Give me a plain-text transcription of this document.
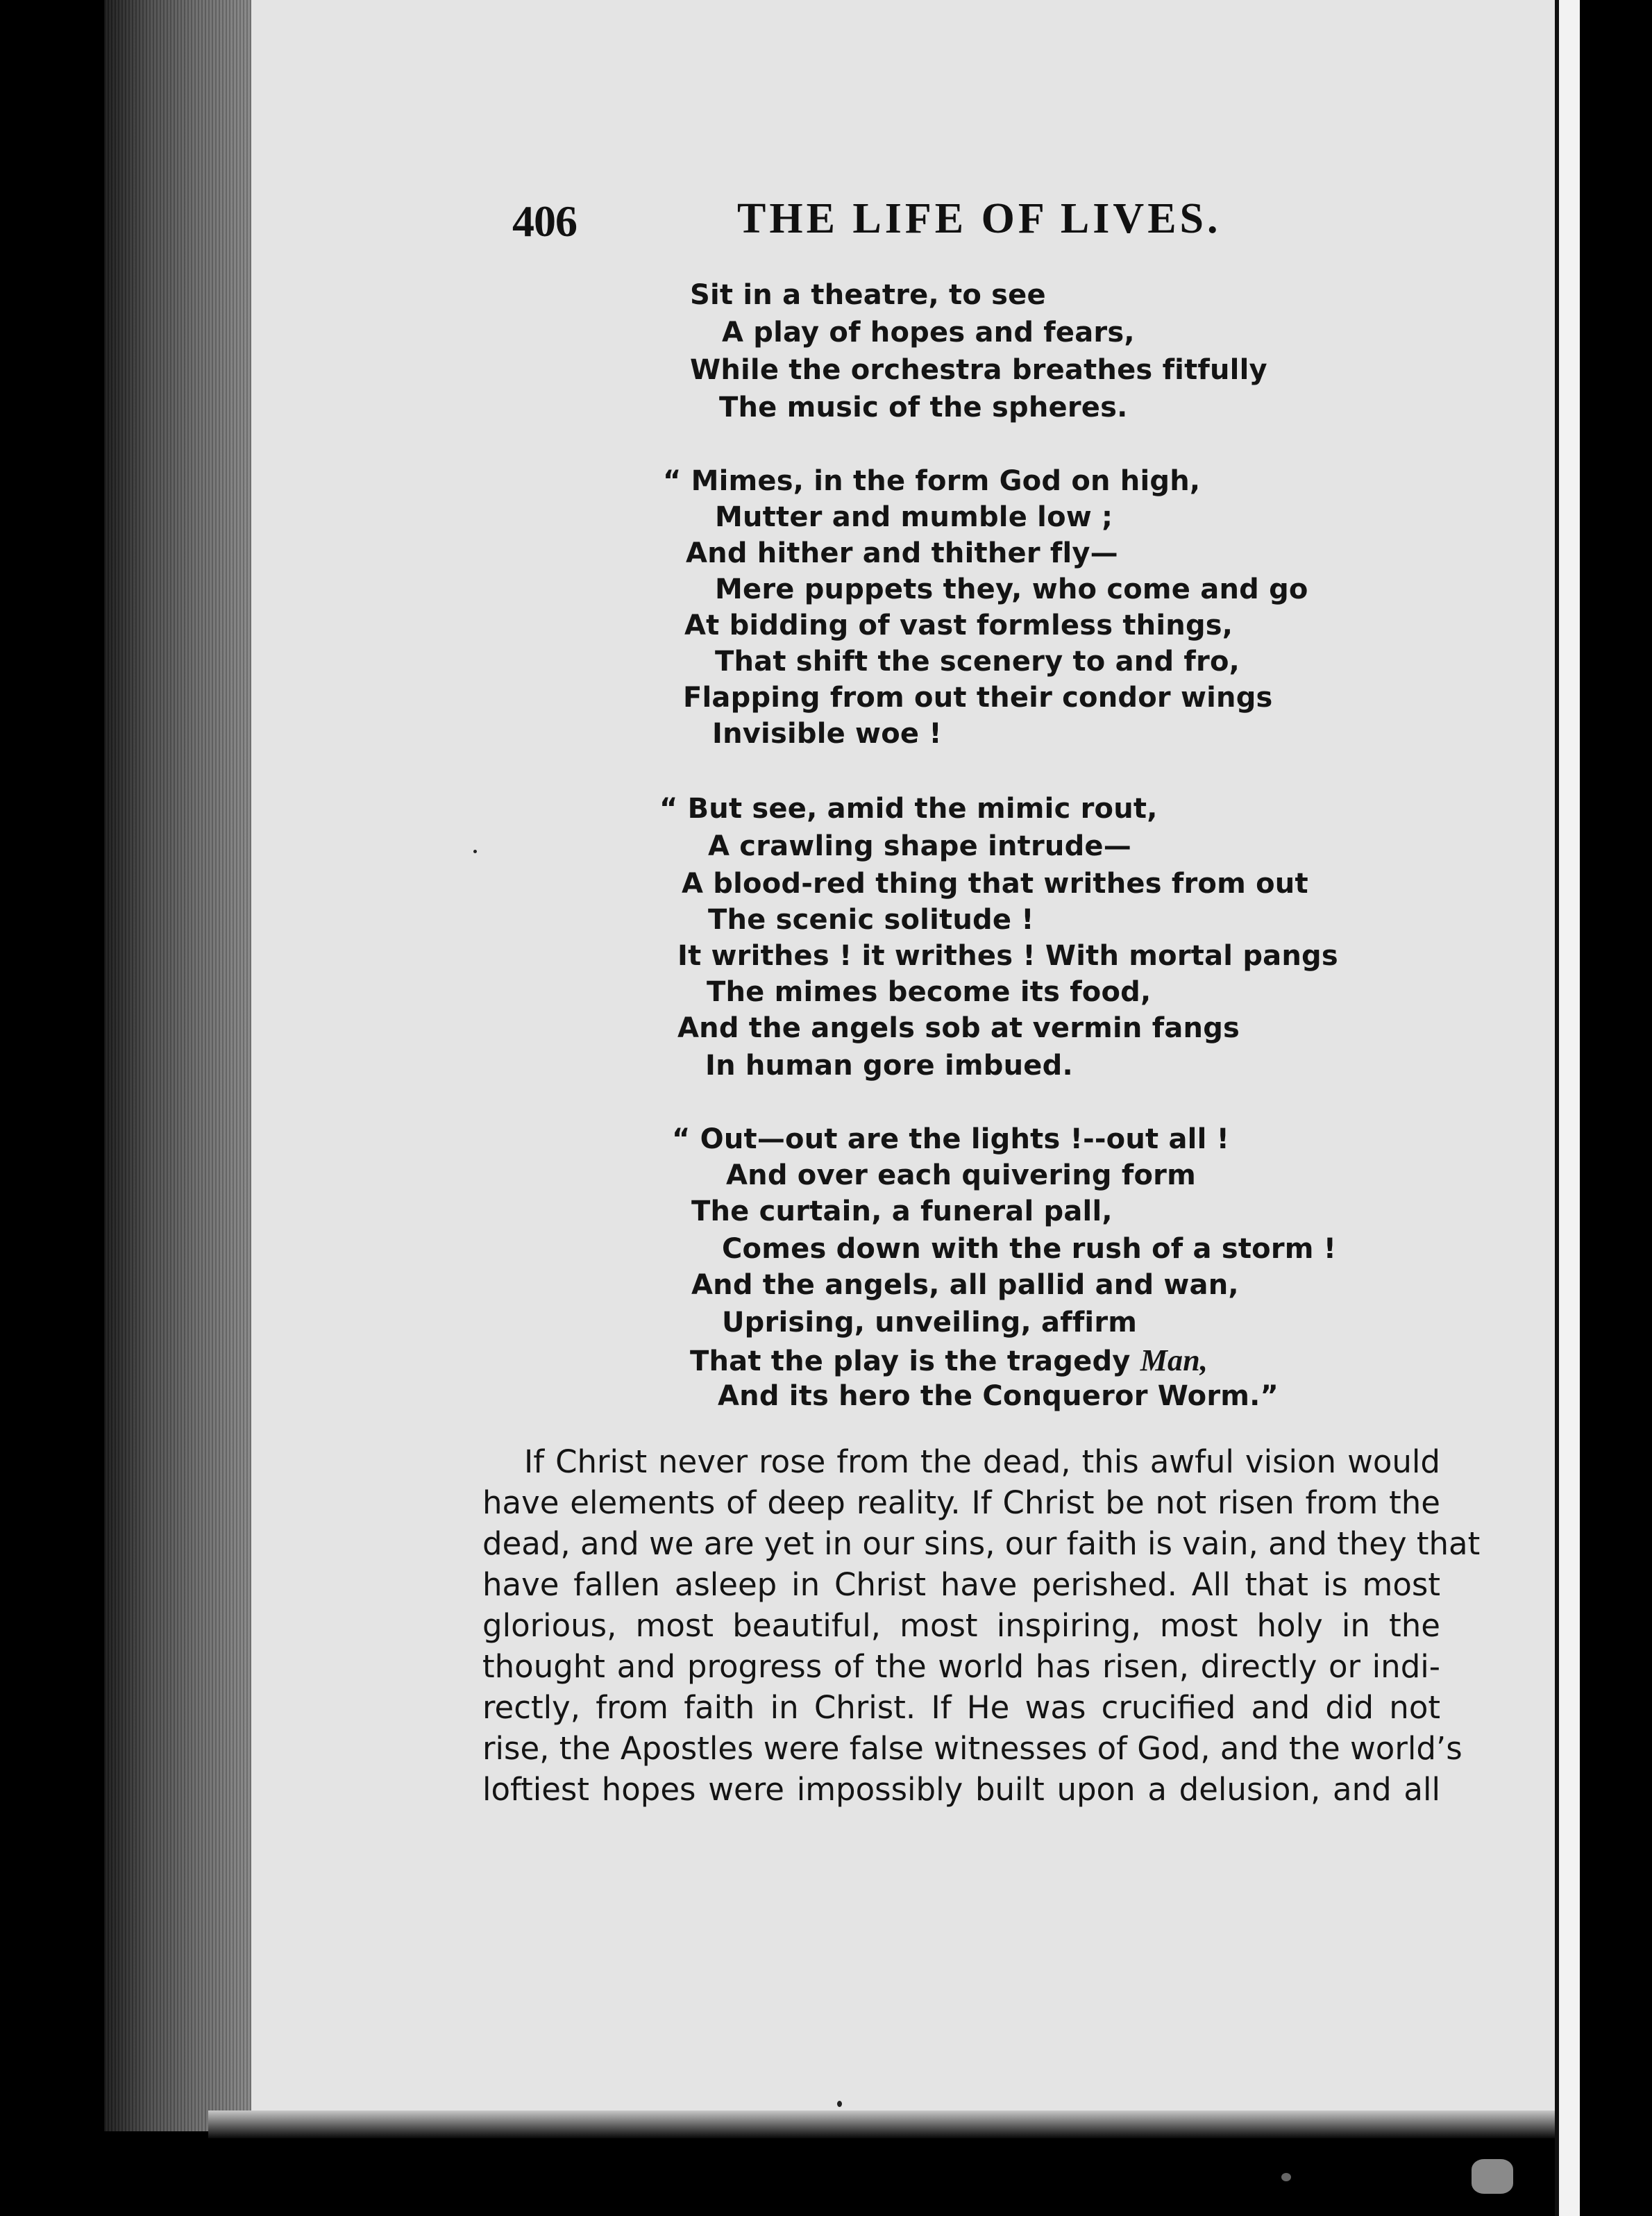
406	THE LIFE OF LIVES.
Sit in a theatre, to see
A play of hopes and fears,
While the orchestra breathes fitfully
The music of the spheres.
“ Mimes, in the form God on high,
Mutter and mumble low ;
And hither and thither fly—
Mere puppets they, who come and go
At bidding of vast formless things,
That shift the scenery to and fro,
Flapping from out their condor wings
Invisible woe !
“ But see, amid the mimic rout,
A crawling shape intrude—
A blood-red thing that writhes from out
The scenic solitude !
It writhes ! it writhes ! With mortal pangs
The mimes become its food,
And the angels sob at vermin fangs
In human gore imbued.
“ Out—out are the lights !--out all !
And over each quivering form
The curtain, a funeral pall,
Comes down with the rush of a storm !
And the angels, all pallid and wan,
Uprising, unveiling, affirm
That the play is the tragedy Man,
And its hero the Conqueror Worm.”
If Christ never rose from the dead, this awful vision would
have elements of deep reality. If Christ be not risen from the
dead, and we are yet in our sins, our faith is vain, and they that
have fallen asleep in Christ have perished. All that is most
glorious, most beautiful, most inspiring, most holy in the
thought and progress of the world has risen, directly or indi-
rectly, from faith in Christ. If He was crucified and did not
rise, the Apostles were false witnesses of God, and the world’s
loftiest hopes were impossibly built upon a delusion, and all
